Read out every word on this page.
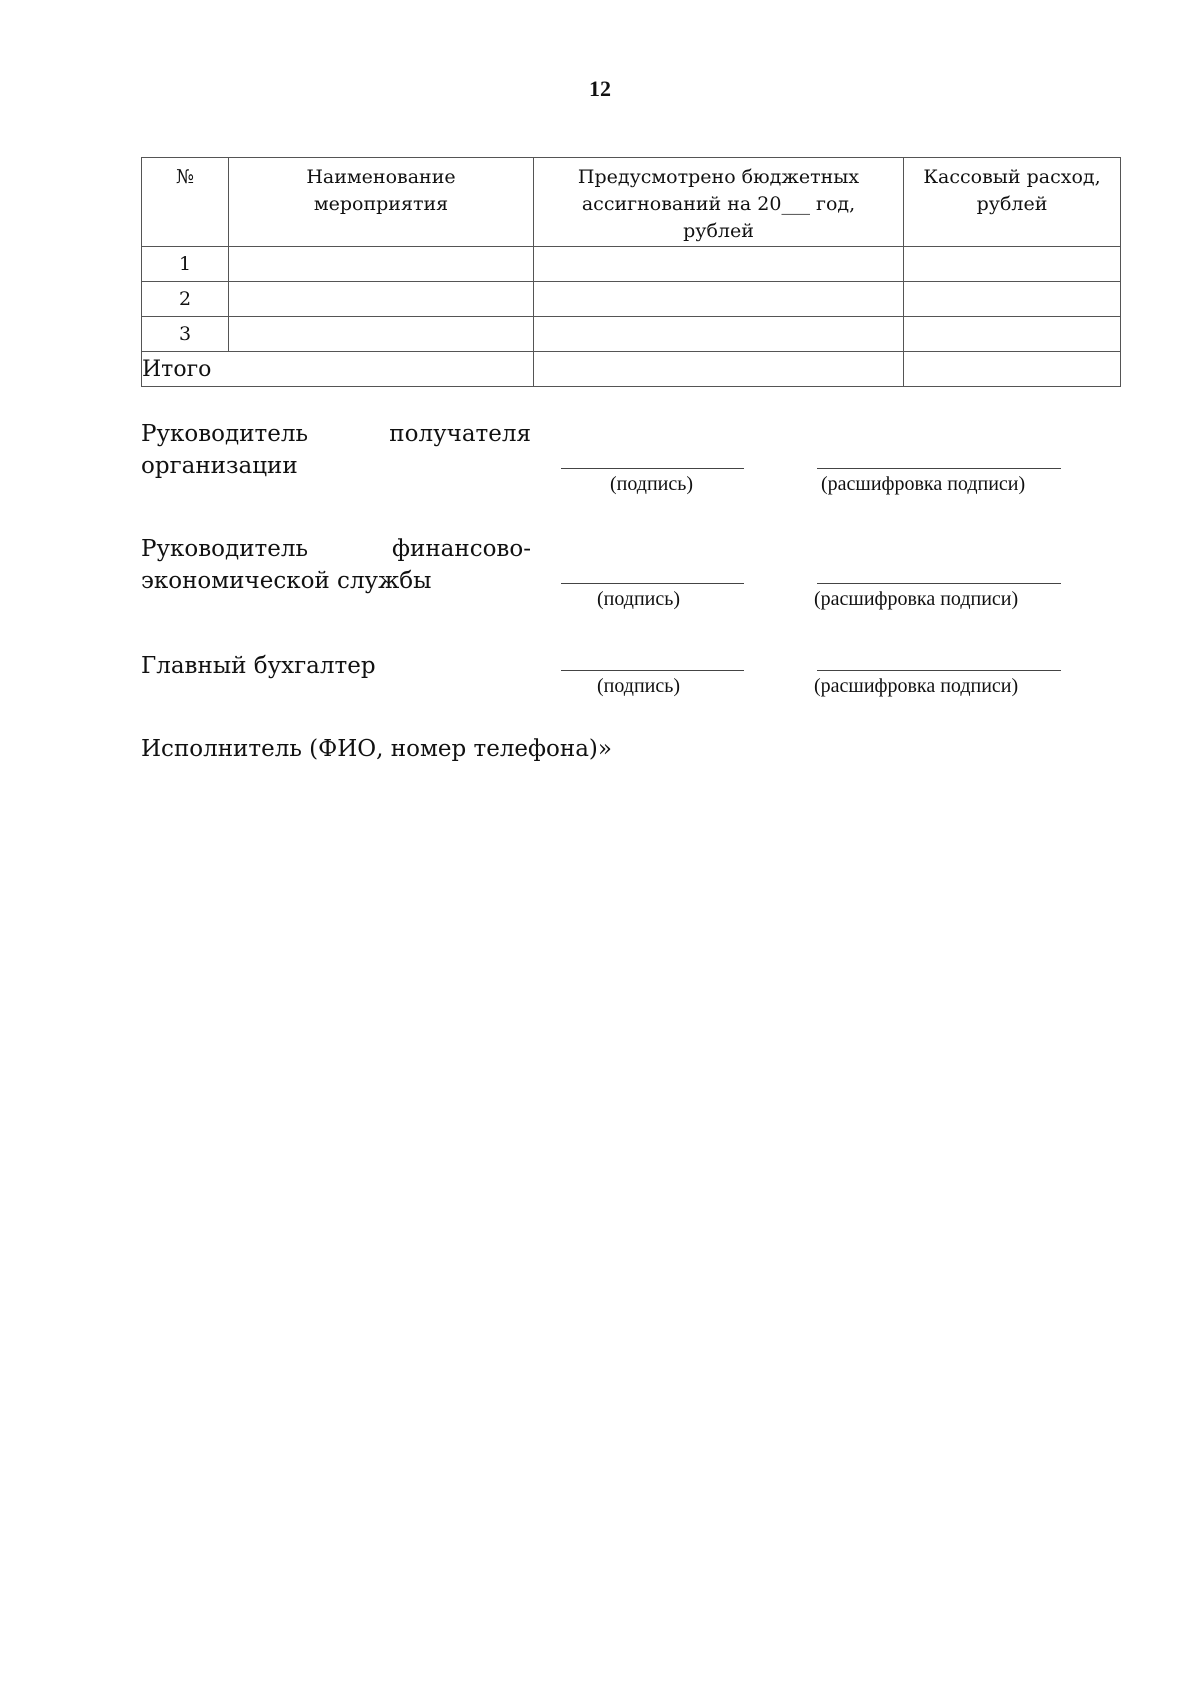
12
№	Наименование мероприятия	Предусмотрено бюджетных ассигнований на 20___ год, рублей	Кассовый расход, рублей
1			
2			
3			
Итого			
Руководитель	получателя
организации
(подпись)	(расшифровка подписи)
Руководитель	финансово-
экономической службы
(подпись)	(расшифровка подписи)
Главный бухгалтер
(подпись)	(расшифровка подписи)
Исполнитель (ФИО, номер телефона)»
